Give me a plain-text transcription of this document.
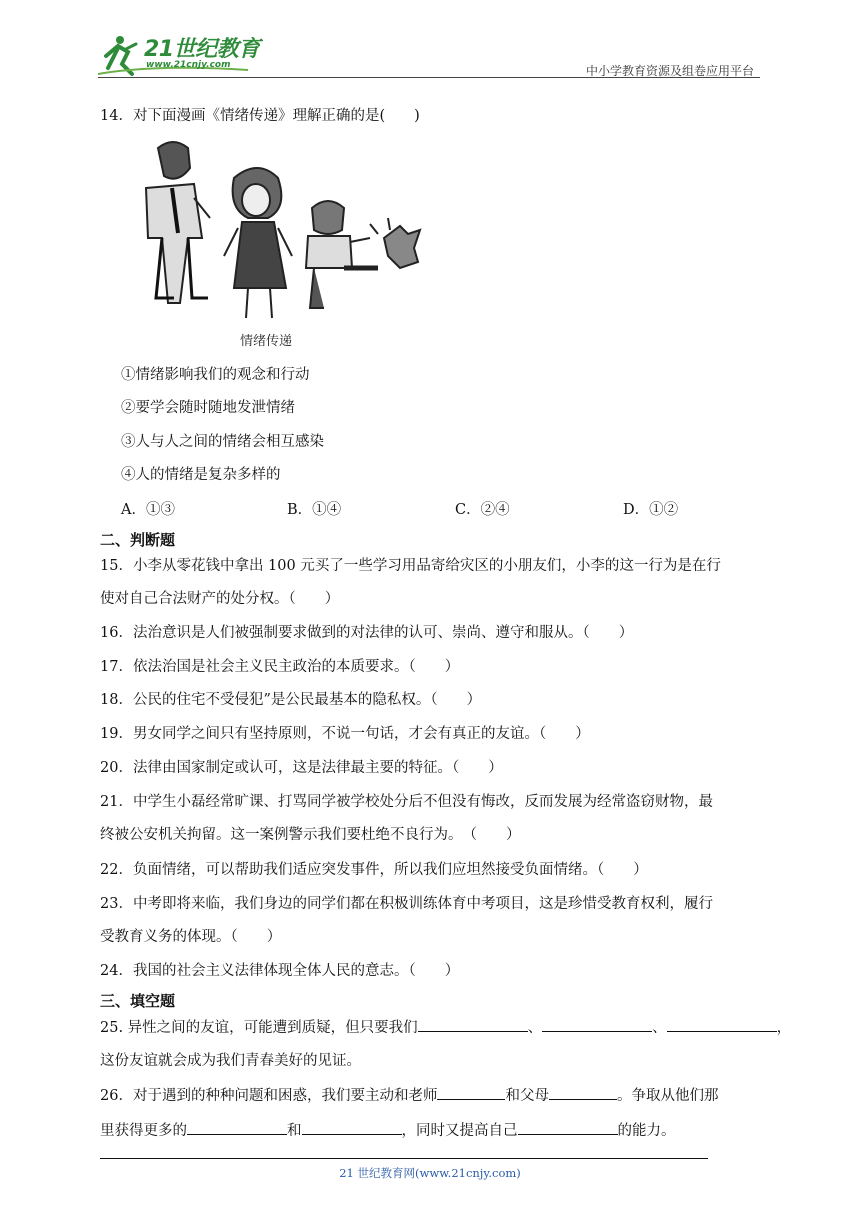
21世纪教育
www.21cnjy.com	中小学教育资源及组卷应用平台
14．对下面漫画《情绪传递》理解正确的是(　　)
情绪传递
①情绪影响我们的观念和行动
②要学会随时随地发泄情绪
③人与人之间的情绪会相互感染
④人的情绪是复杂多样的
A．①③	B．①④	C．②④	D．①②
二、判断题
15．小李从零花钱中拿出 100 元买了一些学习用品寄给灾区的小朋友们，小李的这一行为是在行
使对自己合法财产的处分权。（　　）
16．法治意识是人们被强制要求做到的对法律的认可、崇尚、遵守和服从。（　　）
17．依法治国是社会主义民主政治的本质要求。（　　）
18．公民的住宅不受侵犯”是公民最基本的隐私权。（　　）
19．男女同学之间只有坚持原则，不说一句话，才会有真正的友谊。（　　）
20．法律由国家制定或认可，这是法律最主要的特征。（　　）
21．中学生小磊经常旷课、打骂同学被学校处分后不但没有悔改，反而发展为经常盗窃财物，最
终被公安机关拘留。这一案例警示我们要杜绝不良行为。　（　　）
22．负面情绪，可以帮助我们适应突发事件，所以我们应坦然接受负面情绪。（　　）
23．中考即将来临，我们身边的同学们都在积极训练体育中考项目，这是珍惜受教育权利，履行
受教育义务的体现。（　　）
24．我国的社会主义法律体现全体人民的意志。（　　）
三、填空题
25. 异性之间的友谊，可能遭到质疑，但只要我们	、	、	，
这份友谊就会成为我们青春美好的见证。
26．对于遇到的种种问题和困惑，我们要主动和老师	和父母	。争取从他们那
里获得更多的	和	，同时又提高自己	的能力。
21 世纪教育网(www.21cnjy.com)
